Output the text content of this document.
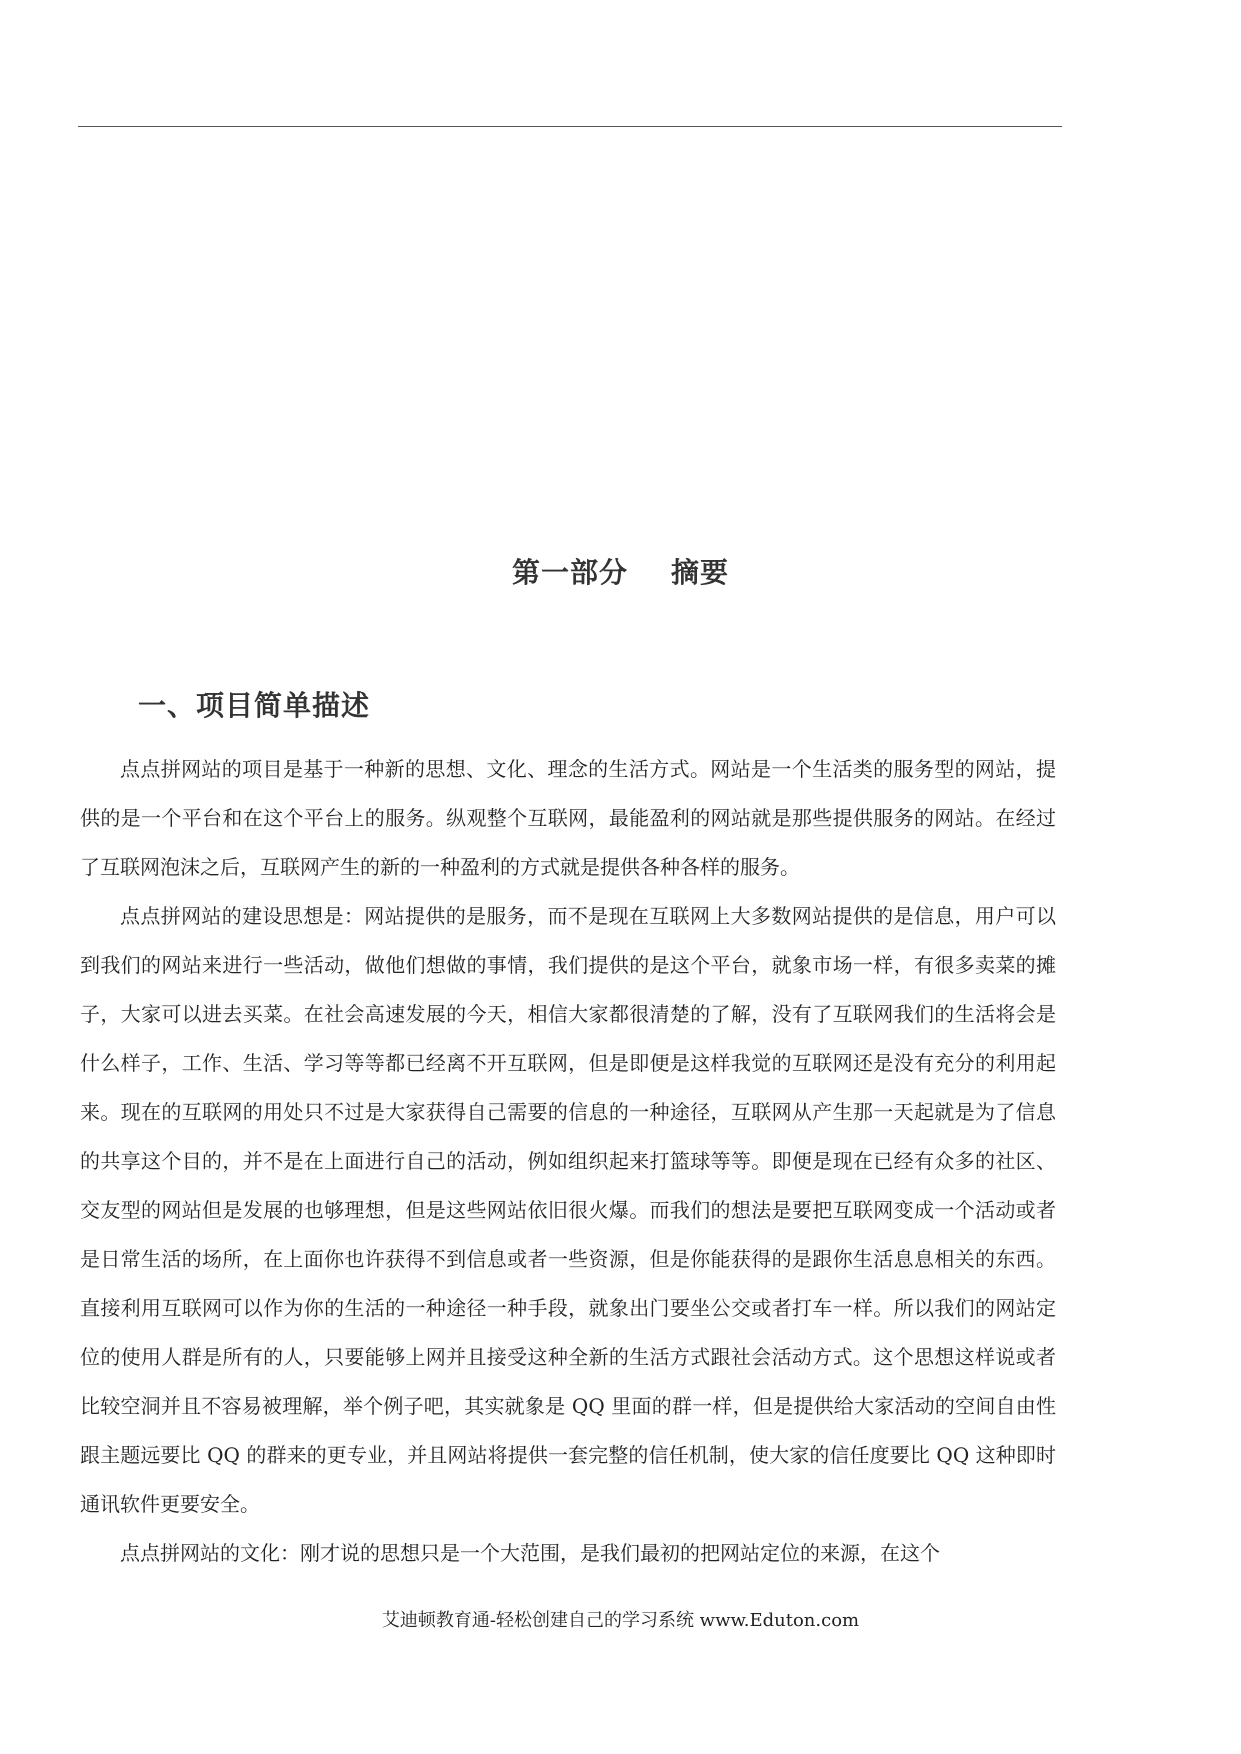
第一部分    摘要
一、项目简单描述

点点拼网站的项目是基于一种新的思想、文化、理念的生活方式。网站是一个生活类的服务型的网站，提供的是一个平台和在这个平台上的服务。纵观整个互联网，最能盈利的网站就是那些提供服务的网站。在经过了互联网泡沫之后，互联网产生的新的一种盈利的方式就是提供各种各样的服务。

点点拼网站的建设思想是：网站提供的是服务，而不是现在互联网上大多数网站提供的是信息，用户可以到我们的网站来进行一些活动，做他们想做的事情，我们提供的是这个平台，就象市场一样，有很多卖菜的摊子，大家可以进去买菜。在社会高速发展的今天，相信大家都很清楚的了解，没有了互联网我们的生活将会是什么样子，工作、生活、学习等等都已经离不开互联网，但是即便是这样我觉的互联网还是没有充分的利用起来。现在的互联网的用处只不过是大家获得自己需要的信息的一种途径，互联网从产生那一天起就是为了信息的共享这个目的，并不是在上面进行自己的活动，例如组织起来打篮球等等。即便是现在已经有众多的社区、交友型的网站但是发展的也够理想，但是这些网站依旧很火爆。而我们的想法是要把互联网变成一个活动或者是日常生活的场所，在上面你也许获得不到信息或者一些资源，但是你能获得的是跟你生活息息相关的东西。直接利用互联网可以作为你的生活的一种途径一种手段，就象出门要坐公交或者打车一样。所以我们的网站定位的使用人群是所有的人，只要能够上网并且接受这种全新的生活方式跟社会活动方式。这个思想这样说或者比较空洞并且不容易被理解，举个例子吧，其实就象是 QQ 里面的群一样，但是提供给大家活动的空间自由性跟主题远要比 QQ 的群来的更专业，并且网站将提供一套完整的信任机制，使大家的信任度要比 QQ 这种即时通讯软件更要安全。

点点拼网站的文化：刚才说的思想只是一个大范围，是我们最初的把网站定位的来源，在这个

艾迪顿教育通-轻松创建自己的学习系统 www.Eduton.com
